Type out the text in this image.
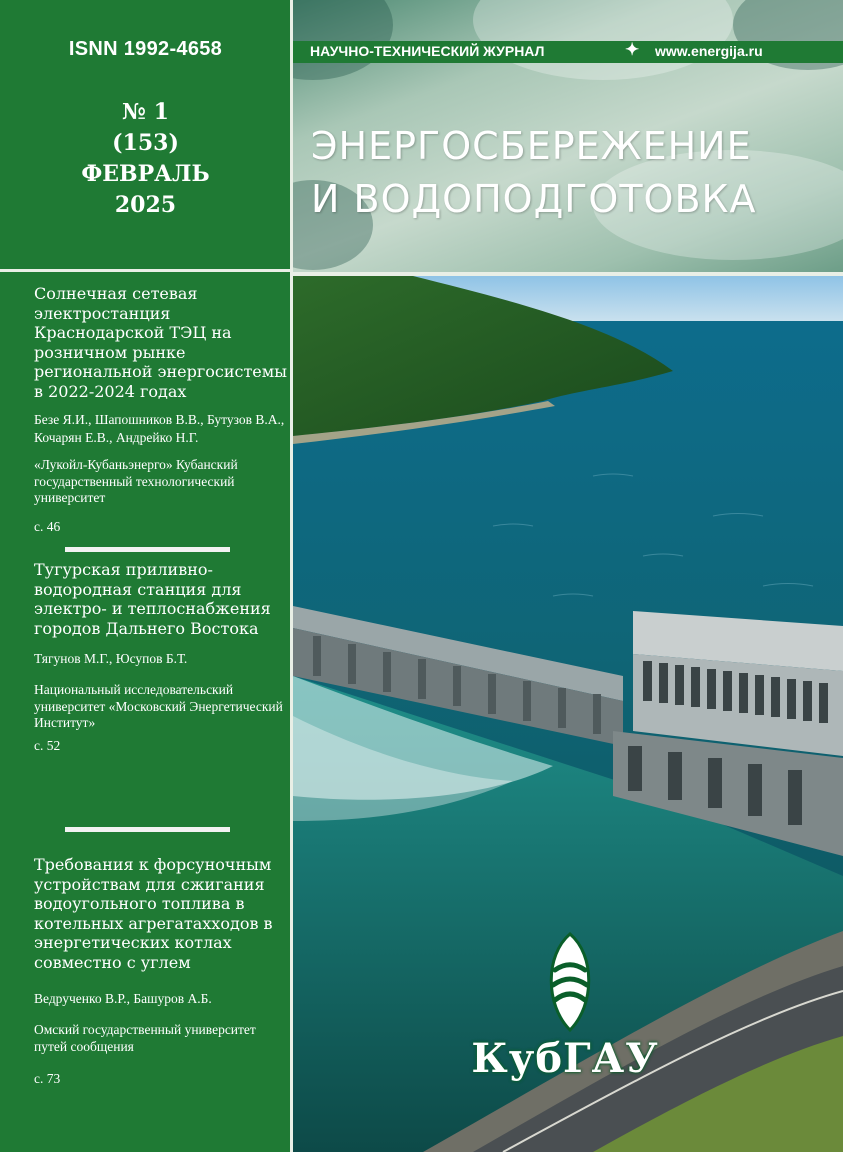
ISNN 1992-4658
№ 1
(153)
ФЕВРАЛЬ
2025
Солнечная сетевая электростанция Краснодарской ТЭЦ на розничном рынке региональной энергосистемы в 2022-2024 годах
Безе Я.И., Шапошников В.В., Бутузов В.А., Кочарян Е.В., Андрейко Н.Г.
«Лукойл-Кубаньэнерго» Кубанский государственный технологический университет
с. 46
Тугурская приливно-водородная станция для электро- и теплоснабжения городов Дальнего Востока
Тягунов М.Г., Юсупов Б.Т.
Национальный исследовательский университет «Московский Энергетический Институт»
с. 52
Требования к форсуночным устройствам для сжигания водоугольного топлива в котельных агрегатахходов в энергетических котлах совместно с углем
Ведрученко В.Р., Башуров А.Б.
Омский государственный университет путей сообщения
с. 73
НАУЧНО-ТЕХНИЧЕСКИЙ ЖУРНАЛ	✦ www.energija.ru
ЭНЕРГОСБЕРЕЖЕНИЕ
И ВОДОПОДГОТОВКА
КубГАУ
